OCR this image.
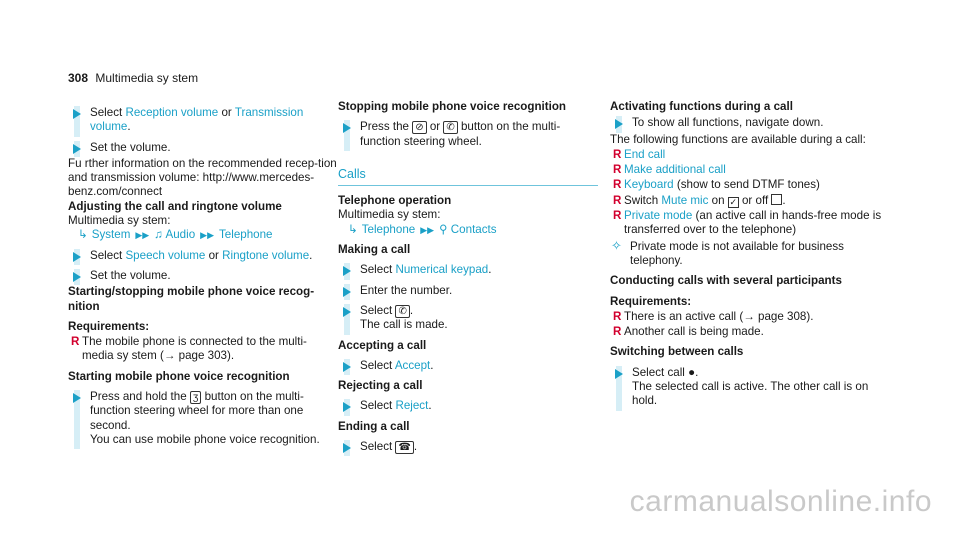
308 Multimedia sy stem
Select Reception volume or Transmission volume.
Set the volume.
Fu rther information on the recommended recep-tion and transmission volume: http://www.mercedes-benz.com/connect
Adjusting the call and ringtone volume
Multimedia sy stem:
↳ System ▶▶ ♫ Audio ▶▶ Telephone
Select Speech volume or Ringtone volume.
Set the volume.
Starting/stopping mobile phone voice recog-nition
Requirements:
R The mobile phone is connected to the multi-media sy stem (→ page 303).
Starting mobile phone voice recognition
Press and hold the ʒ button on the multi-function steering wheel for more than one second.
You can use mobile phone voice recognition.
Stopping mobile phone voice recognition
Press the ⊘ or ✆ button on the multi-function steering wheel.
Calls
Telephone operation
Multimedia sy stem:
↳ Telephone ▶▶ ⚲ Contacts
Making a call
Select Numerical keypad.
Enter the number.
Select ✆ .
The call is made.
Accepting a call
Select Accept.
Rejecting a call
Select Reject.
Ending a call
Select ☎ .
Activating functions during a call
To show all functions, navigate down.
The following functions are available during a call:
R End call
R Make additional call
R Keyboard (show to send DTMF tones)
R Switch Mute mic on ✓ or off .
R Private mode (an active call in hands-free mode is transferred over to the telephone)
✧ Private mode is not available for business telephony.
Conducting calls with several participants
Requirements:
R There is an active call (→ page 308).
R Another call is being made.
Switching between calls
Select call ●.
The selected call is active. The other call is on hold.
carmanualsonline.info
